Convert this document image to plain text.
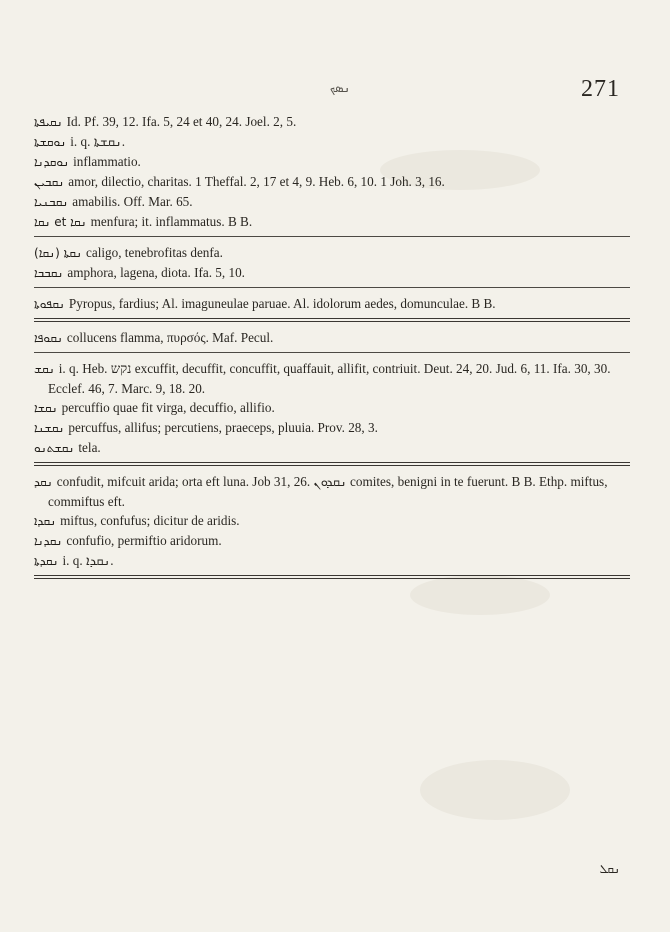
ܢܣܟ	271

ܢܩܝܦܬܐ Id. Pf. 39, 12. Ifa. 5, 24 et 40, 24. Joel. 2, 5.

ܢܘܩܫܬܐ i. q. ܢܩܫܬܐ.

ܢܘܩܕܢܐ inflammatio.

ܢܩܒܝܢ amor, dilectio, charitas. 1 Theffal. 2, 17 et 4, 9. Heb. 6, 10. 1 Joh. 3, 16.

ܢܩܒܢܝܐ amabilis. Off. Mar. 65.

ܢܩܐ et ܢܩܐ menfura; it. inflammatus. B B.

(ܢܩܐ) ܢܩܬܐ caligo, tenebrofitas denfa.

ܢܩܒܒܐ amphora, lagena, diota. Ifa. 5, 10.

ܢܩܦܘܬܐ Pyropus, fardius; Al. imaguneulae paruae. Al. idolorum aedes, domunculae. B B.

ܢܩܘܦܐ collucens flamma, πυρσός. Maf. Pecul.

ܢܩܫ i. q. Heb. נקש excuffit, decuffit, concuffit, quaffauit, allifit, contriuit. Deut. 24, 20. Jud. 6, 11. Ifa. 30, 30. Ecclef. 46, 7. Marc. 9, 18. 20.

ܢܩܫܐ percuffio quae fit virga, decuffio, allifio.

ܢܩܫܢܐ percuffus, allifus; percutiens, praeceps, pluuia. Prov. 28, 3.

ܢܩܫܬܢܘ tela.

ܢܩܕ confudit, mifcuit arida; orta eft luna. Job 31, 26. ܢܩܕܘܢ comites, benigni in te fuerunt. B B. Ethp. miftus, commiftus eft.

ܢܩܕܐ miftus, confufus; dicitur de aridis.

ܢܩܕܢܐ confufio, permiftio aridorum.

ܢܩܕܬܐ i. q. ܢܩܕܐ.

ܢܩܠ
